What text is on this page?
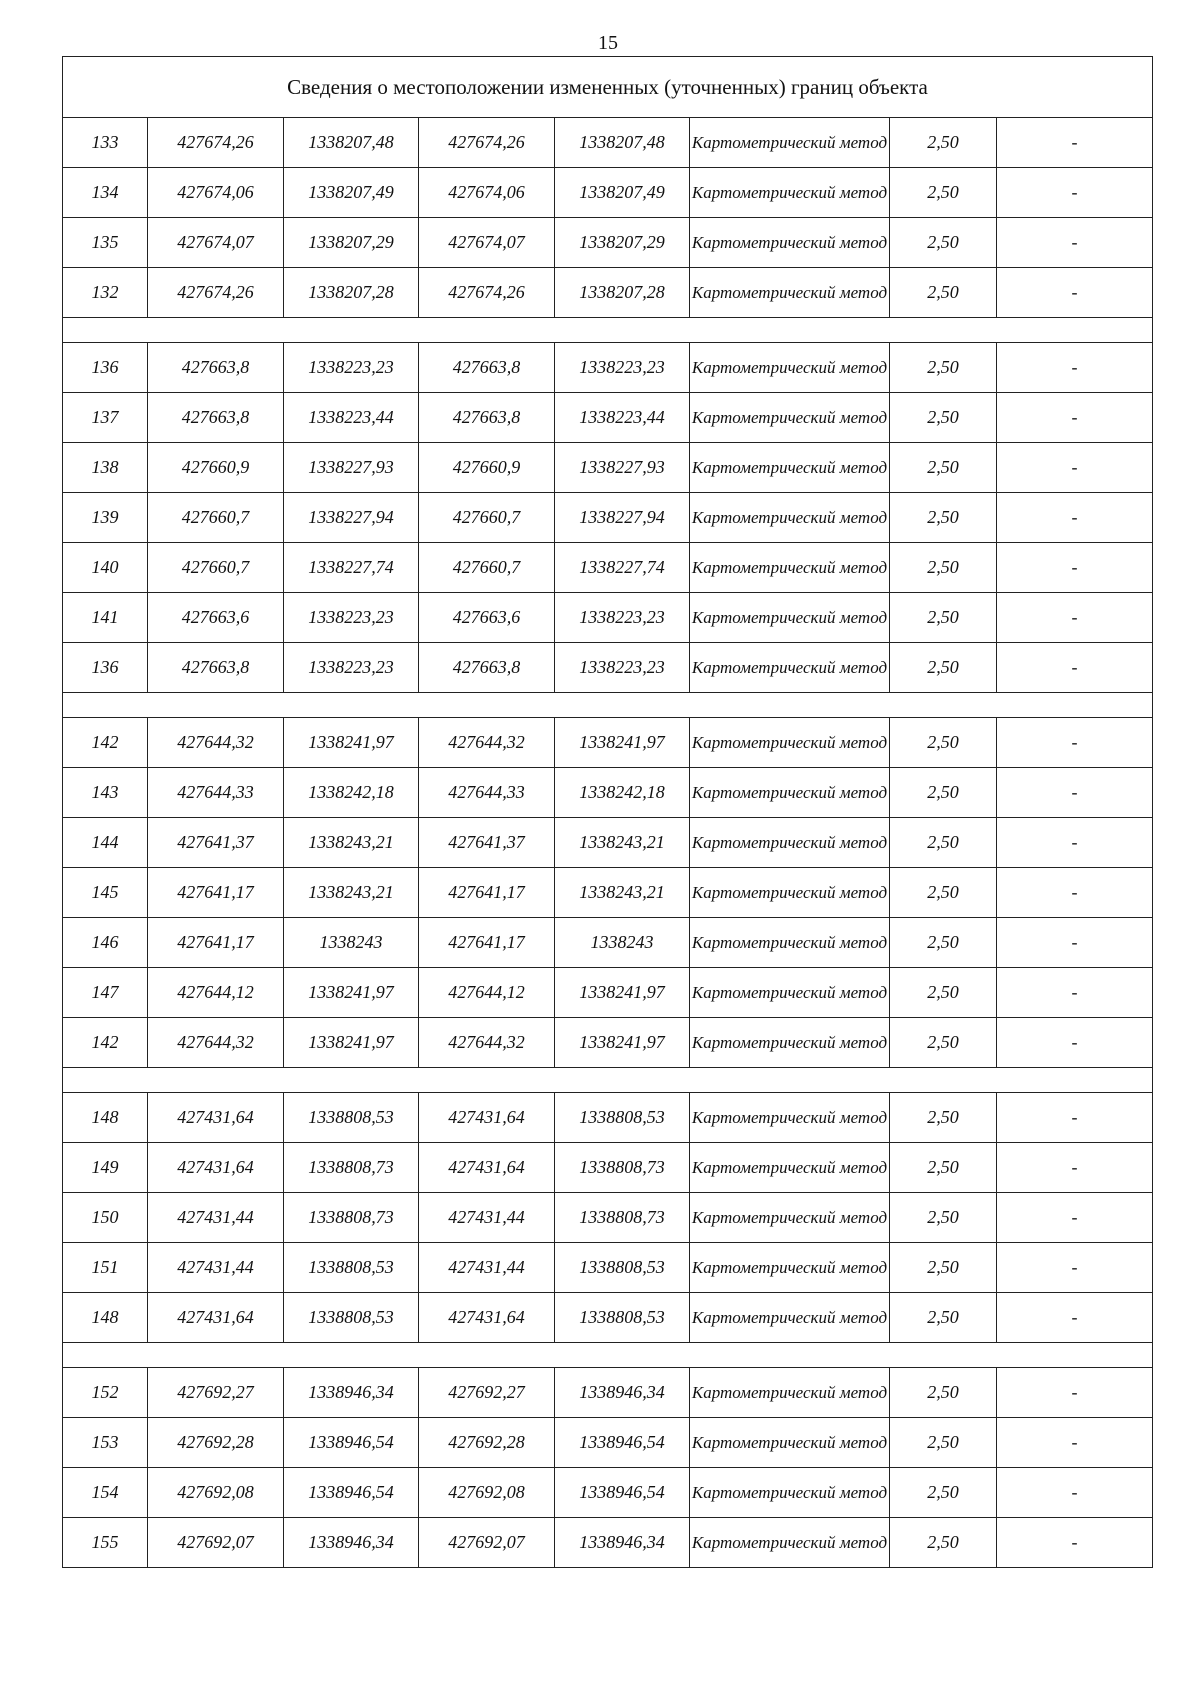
15
Сведения о местоположении измененных (уточненных) границ объекта							
133	427674,26	1338207,48	427674,26	1338207,48	Картометрический метод	2,50	-
134	427674,06	1338207,49	427674,06	1338207,49	Картометрический метод	2,50	-
135	427674,07	1338207,29	427674,07	1338207,29	Картометрический метод	2,50	-
132	427674,26	1338207,28	427674,26	1338207,28	Картометрический метод	2,50	-

136	427663,8	1338223,23	427663,8	1338223,23	Картометрический метод	2,50	-
137	427663,8	1338223,44	427663,8	1338223,44	Картометрический метод	2,50	-
138	427660,9	1338227,93	427660,9	1338227,93	Картометрический метод	2,50	-
139	427660,7	1338227,94	427660,7	1338227,94	Картометрический метод	2,50	-
140	427660,7	1338227,74	427660,7	1338227,74	Картометрический метод	2,50	-
141	427663,6	1338223,23	427663,6	1338223,23	Картометрический метод	2,50	-
136	427663,8	1338223,23	427663,8	1338223,23	Картометрический метод	2,50	-

142	427644,32	1338241,97	427644,32	1338241,97	Картометрический метод	2,50	-
143	427644,33	1338242,18	427644,33	1338242,18	Картометрический метод	2,50	-
144	427641,37	1338243,21	427641,37	1338243,21	Картометрический метод	2,50	-
145	427641,17	1338243,21	427641,17	1338243,21	Картометрический метод	2,50	-
146	427641,17	1338243	427641,17	1338243	Картометрический метод	2,50	-
147	427644,12	1338241,97	427644,12	1338241,97	Картометрический метод	2,50	-
142	427644,32	1338241,97	427644,32	1338241,97	Картометрический метод	2,50	-

148	427431,64	1338808,53	427431,64	1338808,53	Картометрический метод	2,50	-
149	427431,64	1338808,73	427431,64	1338808,73	Картометрический метод	2,50	-
150	427431,44	1338808,73	427431,44	1338808,73	Картометрический метод	2,50	-
151	427431,44	1338808,53	427431,44	1338808,53	Картометрический метод	2,50	-
148	427431,64	1338808,53	427431,64	1338808,53	Картометрический метод	2,50	-

152	427692,27	1338946,34	427692,27	1338946,34	Картометрический метод	2,50	-
153	427692,28	1338946,54	427692,28	1338946,54	Картометрический метод	2,50	-
154	427692,08	1338946,54	427692,08	1338946,54	Картометрический метод	2,50	-
155	427692,07	1338946,34	427692,07	1338946,34	Картометрический метод	2,50	-
